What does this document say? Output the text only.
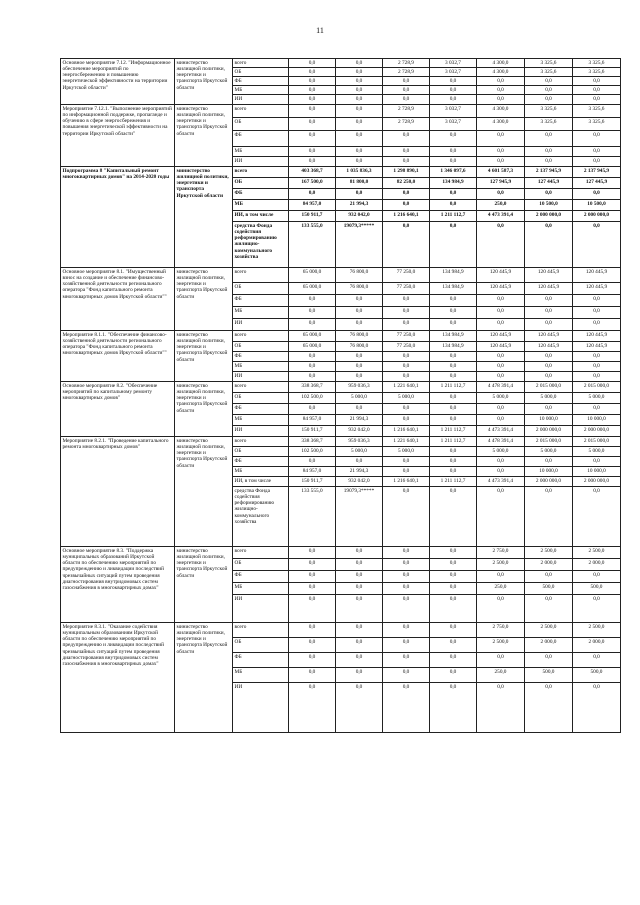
11
Основное мероприятие 7.12. "Информационное обеспечение мероприятий по энергосбережению и повышению энергетической эффективности на территории Иркутской области"	министерство жилищной политики, энергетики и транспорта Иркутской области	всего	0,0	0,0	2 728,9	3 032,7	4 300,0	3 325,6	3 325,6
		ОБ	0,0	0,0	2 728,9	3 032,7	4 300,0	3 325,6	3 325,6
		ФБ	0,0	0,0	0,0	0,0	0,0	0,0	0,0
		МБ	0,0	0,0	0,0	0,0	0,0	0,0	0,0
		ИИ	0,0	0,0	0,0	0,0	0,0	0,0	0,0
Мероприятие 7.12.1. "Выполнение мероприятий по информационной поддержке, пропаганде и обучению в сфере энергосбережения и повышения энергетической эффективности на территории Иркутской области"	министерство жилищной политики, энергетики и транспорта Иркутской области	всего	0,0	0,0	2 728,9	3 032,7	4 300,0	3 325,6	3 325,6
		ОБ	0,0	0,0	2 728,9	3 032,7	4 300,0	3 325,6	3 325,6
		ФБ	0,0	0,0	0,0	0,0	0,0	0,0	0,0
		МБ	0,0	0,0	0,0	0,0	0,0	0,0	0,0
		ИИ	0,0	0,0	0,0	0,0	0,0	0,0	0,0
Подпрограмма 8 "Капитальный ремонт многоквартирных домов" на 2014-2020 годы	министерство жилищной политики, энергетики и транспорта Иркутской области	всего	403 368,7	1 035 836,3	1 298 890,1	1 346 097,6	4 601 587,3	2 137 945,9	2 137 945,9
		ОБ	167 500,0	81 800,0	82 250,0	134 984,9	127 945,9	127 445,9	127 445,9
		ФБ	0,0	0,0	0,0	0,0	0,0	0,0	0,0
		МБ	84 957,0	21 994,3	0,0	0,0	250,0	10 500,0	10 500,0
		ИИ, в том числе	150 911,7	932 042,0	1 216 640,1	1 211 112,7	4 473 391,4	2 000 000,0	2 000 000,0
		средства Фонда содействия реформированию жилищно-коммунального хозяйства	133 555,0	19079,3*****	0,0	0,0	0,0	0,0	0,0
Основное мероприятие 8.1. "Имущественный взнос на создание и обеспечение финансово-хозяйственной деятельности регионального оператора "Фонд капитального ремонта многоквартирных домов Иркутской области""	министерство жилищной политики, энергетики и транспорта Иркутской области	всего	65 000,0	76 800,0	77 250,0	134 984,9	120 445,9	120 445,9	120 445,9
		ОБ	65 000,0	76 800,0	77 250,0	134 984,9	120 445,9	120 445,9	120 445,9
		ФБ	0,0	0,0	0,0	0,0	0,0	0,0	0,0
		МБ	0,0	0,0	0,0	0,0	0,0	0,0	0,0
		ИИ	0,0	0,0	0,0	0,0	0,0	0,0	0,0
Мероприятие 8.1.1. "Обеспечение финансово-хозяйственной деятельности регионального оператора "Фонд капитального ремонта многоквартирных домов Иркутской области""	министерство жилищной политики, энергетики и транспорта Иркутской области	всего	65 000,0	76 800,0	77 250,0	134 984,9	120 445,9	120 445,9	120 445,9
		ОБ	65 000,0	76 800,0	77 250,0	134 984,9	120 445,9	120 445,9	120 445,9
		ФБ	0,0	0,0	0,0	0,0	0,0	0,0	0,0
		МБ	0,0	0,0	0,0	0,0	0,0	0,0	0,0
		ИИ	0,0	0,0	0,0	0,0	0,0	0,0	0,0
Основное мероприятие 8.2. "Обеспечение мероприятий по капитальному ремонту многоквартирных домов"	министерство жилищной политики, энергетики и транспорта Иркутской области	всего	338 368,7	959 036,3	1 221 640,1	1 211 112,7	4 478 391,4	2 015 000,0	2 015 000,0
		ОБ	102 500,0	5 000,0	5 000,0	0,0	5 000,0	5 000,0	5 000,0
		ФБ	0,0	0,0	0,0	0,0	0,0	0,0	0,0
		МБ	84 957,0	21 994,3	0,0	0,0	0,0	10 000,0	10 000,0
		ИИ	150 911,7	932 042,0	1 216 640,1	1 211 112,7	4 473 391,4	2 000 000,0	2 000 000,0
Мероприятие 8.2.1. "Проведение капитального ремонта многоквартирных домов"	министерство жилищной политики, энергетики и транспорта Иркутской области	всего	338 368,7	959 036,3	1 221 640,1	1 211 112,7	4 478 391,4	2 015 000,0	2 015 000,0
		ОБ	102 500,0	5 000,0	5 000,0	0,0	5 000,0	5 000,0	5 000,0
		ФБ	0,0	0,0	0,0	0,0	0,0	0,0	0,0
		МБ	84 957,0	21 994,3	0,0	0,0	0,0	10 000,0	10 000,0
		ИИ, в том числе	150 911,7	932 042,0	1 216 640,1	1 211 112,7	4 473 391,4	2 000 000,0	2 000 000,0
		средства Фонда содействия реформированию жилищно-коммунального хозяйства	133 555,0	19079,3*****	0,0	0,0	0,0	0,0	0,0
Основное мероприятие 8.3. "Поддержка муниципальных образований Иркутской области по обеспечению мероприятий по предупреждению и ликвидации последствий чрезвычайных ситуаций путем проведения диагностирования внутридомовых систем газоснабжения в многоквартирных домах"	министерство жилищной политики, энергетики и транспорта Иркутской области	всего	0,0	0,0	0,0	0,0	2 750,0	2 500,0	2 500,0
		ОБ	0,0	0,0	0,0	0,0	2 500,0	2 000,0	2 000,0
		ФБ	0,0	0,0	0,0	0,0	0,0	0,0	0,0
		МБ	0,0	0,0	0,0	0,0	250,0	500,0	500,0
		ИИ	0,0	0,0	0,0	0,0	0,0	0,0	0,0
Мероприятие 8.3.1. "Оказание содействия муниципальным образованиям Иркутской области по обеспечению мероприятий по предупреждению и ликвидации последствий чрезвычайных ситуаций путем проведения диагностирования внутридомовых систем газоснабжения в многоквартирных домах"	министерство жилищной политики, энергетики и транспорта Иркутской области	всего	0,0	0,0	0,0	0,0	2 750,0	2 500,0	2 500,0
		ОБ	0,0	0,0	0,0	0,0	2 500,0	2 000,0	2 000,0
		ФБ	0,0	0,0	0,0	0,0	0,0	0,0	0,0
		МБ	0,0	0,0	0,0	0,0	250,0	500,0	500,0
		ИИ	0,0	0,0	0,0	0,0	0,0	0,0	0,0
